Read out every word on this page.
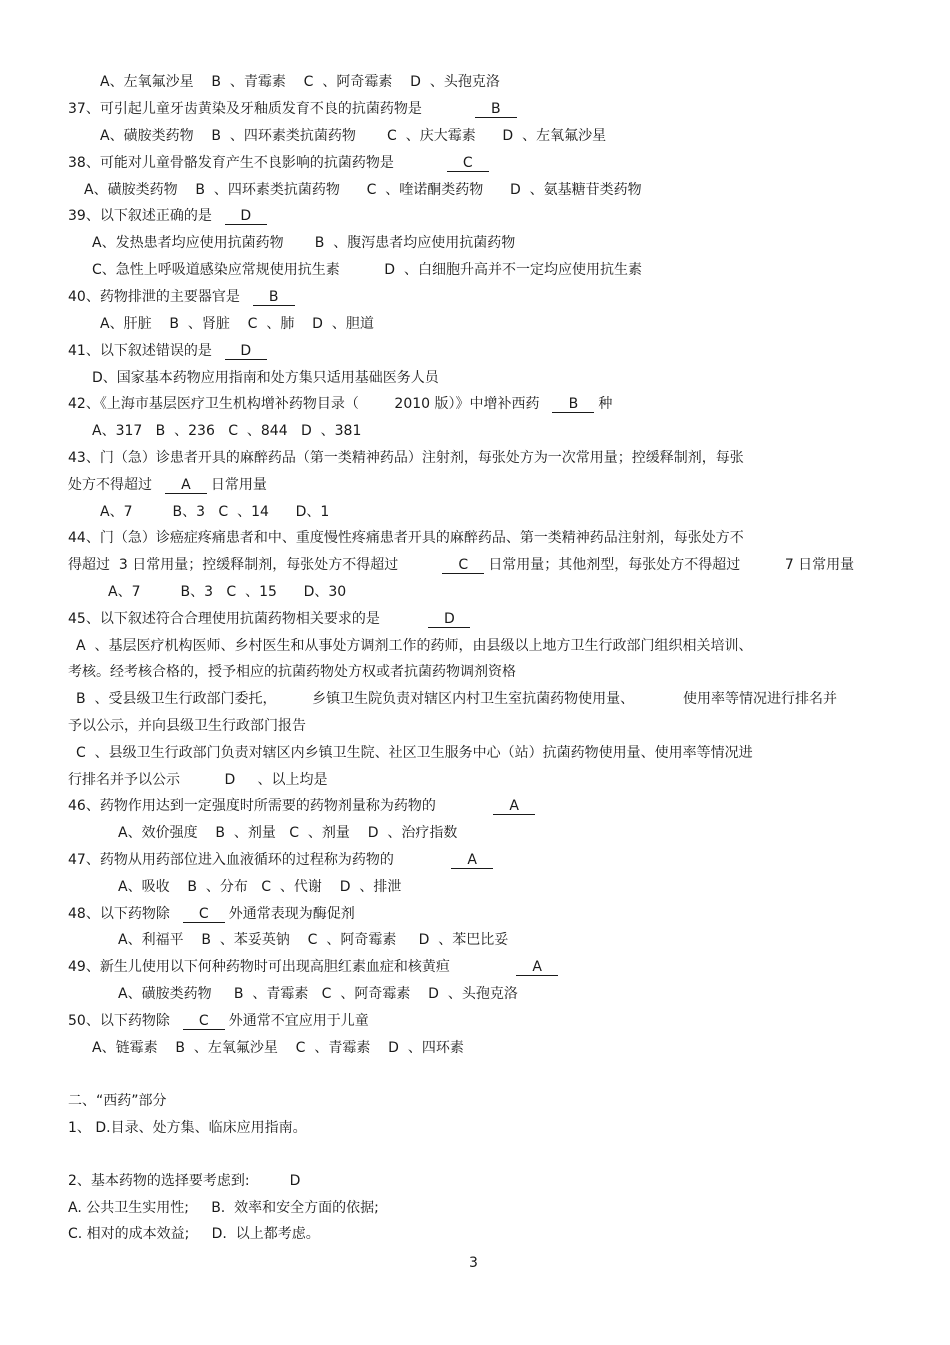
A、左氧氟沙星    B  、青霉素    C  、阿奇霉素    D  、头孢克洛
37、可引起儿童牙齿黄染及牙釉质发育不良的抗菌药物是           B
A、磺胺类药物    B  、四环素类抗菌药物       C  、庆大霉素      D  、左氧氟沙星
38、可能对儿童骨骼发育产生不良影响的抗菌药物是           C
A、磺胺类药物    B  、四环素类抗菌药物      C  、喹诺酮类药物      D  、氨基糖苷类药物
39、以下叙述正确的是  D
A、发热患者均应使用抗菌药物       B  、腹泻患者均应使用抗菌药物
C、急性上呼吸道感染应常规使用抗生素          D  、白细胞升高并不一定均应使用抗生素
40、药物排泄的主要器官是  B
A、肝脏    B  、肾脏    C  、肺    D  、胆道
41、以下叙述错误的是  D
D、国家基本药物应用指南和处方集只适用基础医务人员
42、《上海市基层医疗卫生机构增补药物目录（        2010 版）》中增补西药  B 种
A、317   B  、236   C  、844   D  、381
43、门（急）诊患者开具的麻醉药品（第一类精神药品）注射剂，每张处方为一次常用量；控缓释制剂，每张
处方不得超过  A 日常用量
A、7         B、3   C  、14      D、1
44、门（急）诊癌症疼痛患者和中、重度慢性疼痛患者开具的麻醉药品、第一类精神药品注射剂，每张处方不
得超过  3 日常用量；控缓释制剂，每张处方不得超过         C 日常用量；其他剂型，每张处方不得超过          7 日常用量
A、7         B、3   C  、15      D、30
45、以下叙述符合合理使用抗菌药物相关要求的是          D
A  、基层医疗机构医师、乡村医生和从事处方调剂工作的药师，由县级以上地方卫生行政部门组织相关培训、
考核。经考核合格的，授予相应的抗菌药物处方权或者抗菌药物调剂资格
B  、受县级卫生行政部门委托，        乡镇卫生院负责对辖区内村卫生室抗菌药物使用量、           使用率等情况进行排名并
予以公示，并向县级卫生行政部门报告
C  、县级卫生行政部门负责对辖区内乡镇卫生院、社区卫生服务中心（站）抗菌药物使用量、使用率等情况进
行排名并予以公示          D     、以上均是
46、药物作用达到一定强度时所需要的药物剂量称为药物的            A
A、效价强度    B  、剂量   C  、剂量    D  、治疗指数
47、药物从用药部位进入血液循环的过程称为药物的            A
A、吸收    B  、分布   C  、代谢    D  、排泄
48、以下药物除  C 外通常表现为酶促剂
A、利福平    B  、苯妥英钠    C  、阿奇霉素     D  、苯巴比妥
49、新生儿使用以下何种药物时可出现高胆红素血症和核黄疸              A
A、磺胺类药物     B  、青霉素   C  、阿奇霉素    D  、头孢克洛
50、以下药物除  C 外通常不宜应用于儿童
A、链霉素    B  、左氧氟沙星    C  、青霉素    D  、四环素
二、“西药”部分
1、 D.目录、处方集、临床应用指南。
2、基本药物的选择要考虑到:         D
A. 公共卫生实用性;     B.  效率和安全方面的依据;
C. 相对的成本效益;     D.  以上都考虑。
3
